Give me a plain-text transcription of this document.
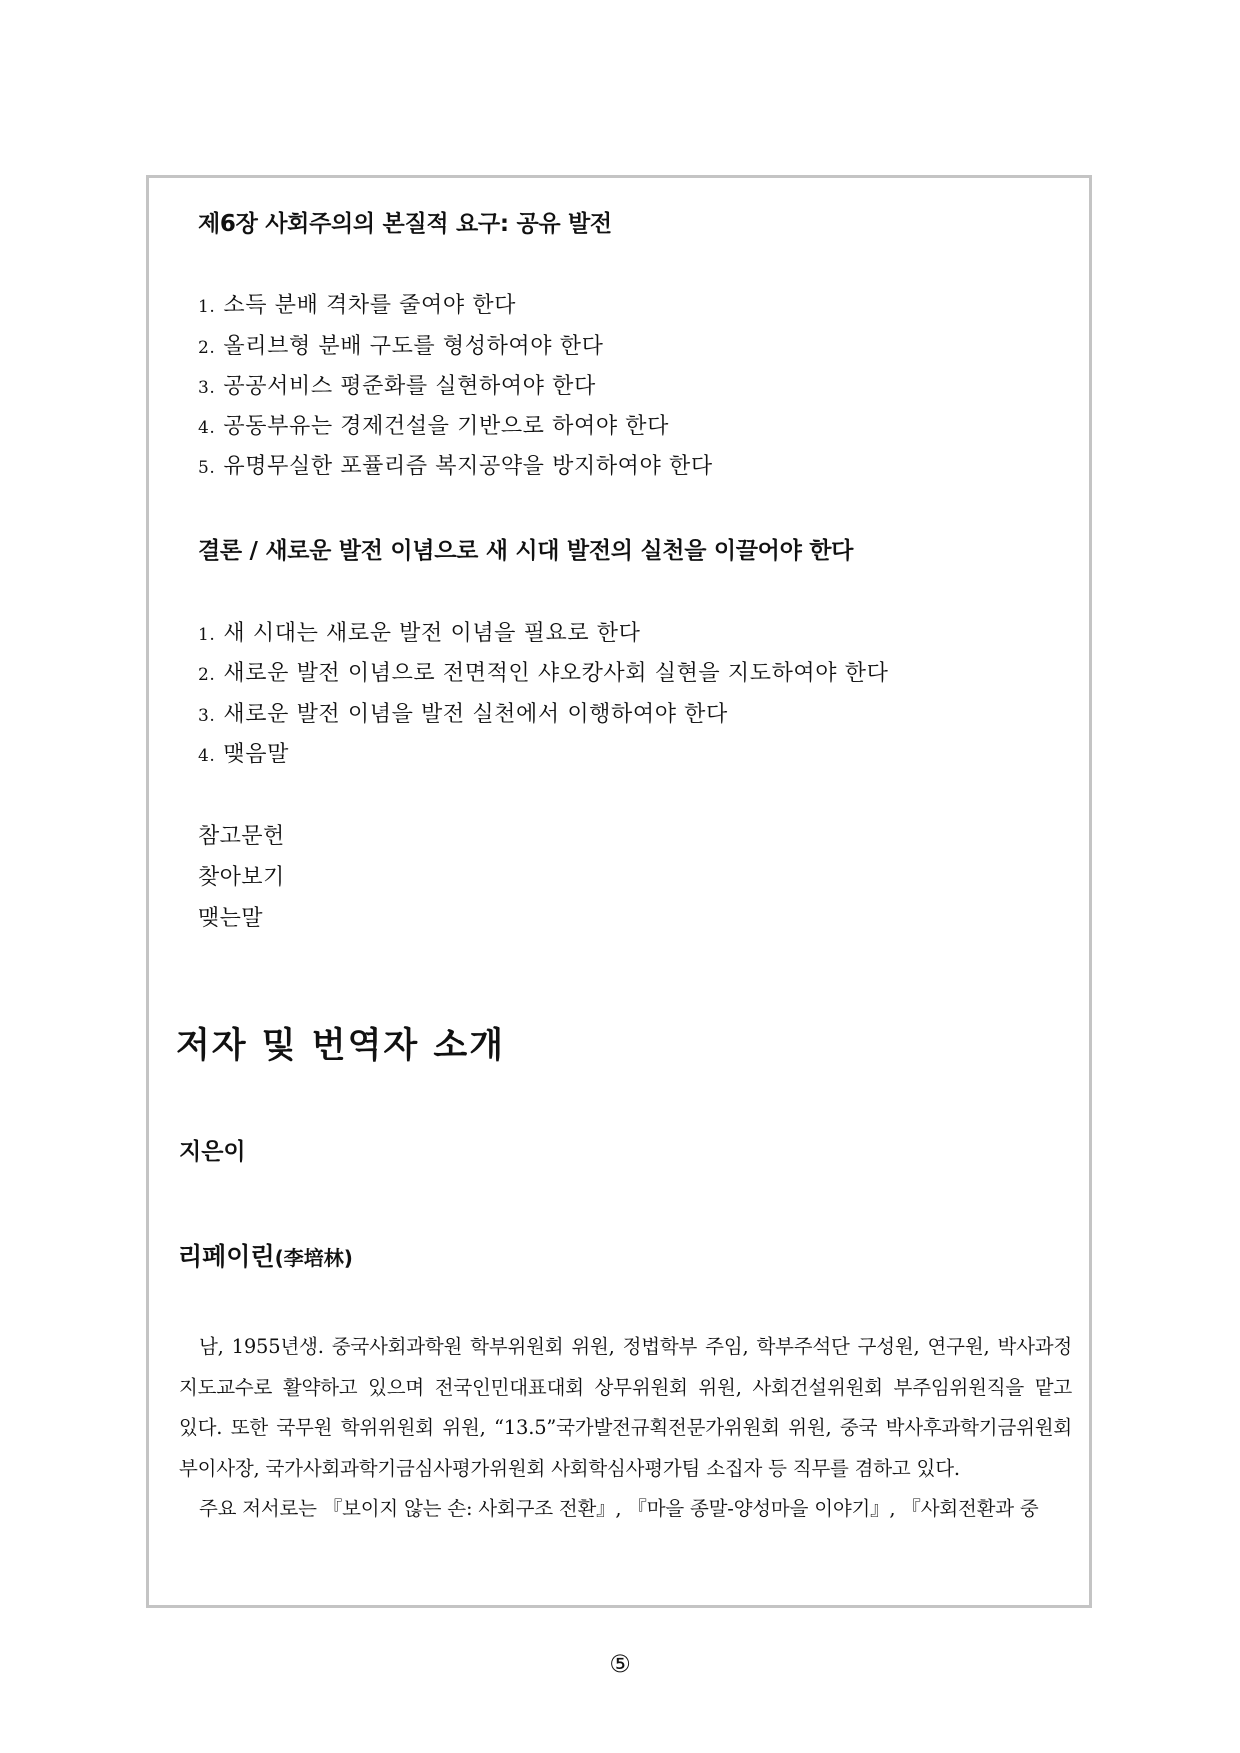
제6장 사회주의의 본질적 요구: 공유 발전
1. 소득 분배 격차를 줄여야 한다
2. 올리브형 분배 구도를 형성하여야 한다
3. 공공서비스 평준화를 실현하여야 한다
4. 공동부유는 경제건설을 기반으로 하여야 한다
5. 유명무실한 포퓰리즘 복지공약을 방지하여야 한다
결론 / 새로운 발전 이념으로 새 시대 발전의 실천을 이끌어야 한다
1. 새 시대는 새로운 발전 이념을 필요로 한다
2. 새로운 발전 이념으로 전면적인 샤오캉사회 실현을 지도하여야 한다
3. 새로운 발전 이념을 발전 실천에서 이행하여야 한다
4. 맺음말
참고문헌
찾아보기
맺는말
저자 및 번역자 소개
지은이
리페이린(李培林)

남, 1955년생. 중국사회과학원 학부위원회 위원, 정법학부 주임, 학부주석단 구성원, 연구원, 박사과정 지도교수로 활약하고 있으며 전국인민대표대회 상무위원회 위원, 사회건설위원회 부주임위원직을 맡고 있다. 또한 국무원 학위위원회 위원, “13.5”국가발전규획전문가위원회 위원, 중국 박사후과학기금위원회 부이사장, 국가사회과학기금심사평가위원회 사회학심사평가팀 소집자 등 직무를 겸하고 있다.

주요 저서로는 『보이지 않는 손: 사회구조 전환』, 『마을 종말-양성마을 이야기』, 『사회전환과 중

⑤
